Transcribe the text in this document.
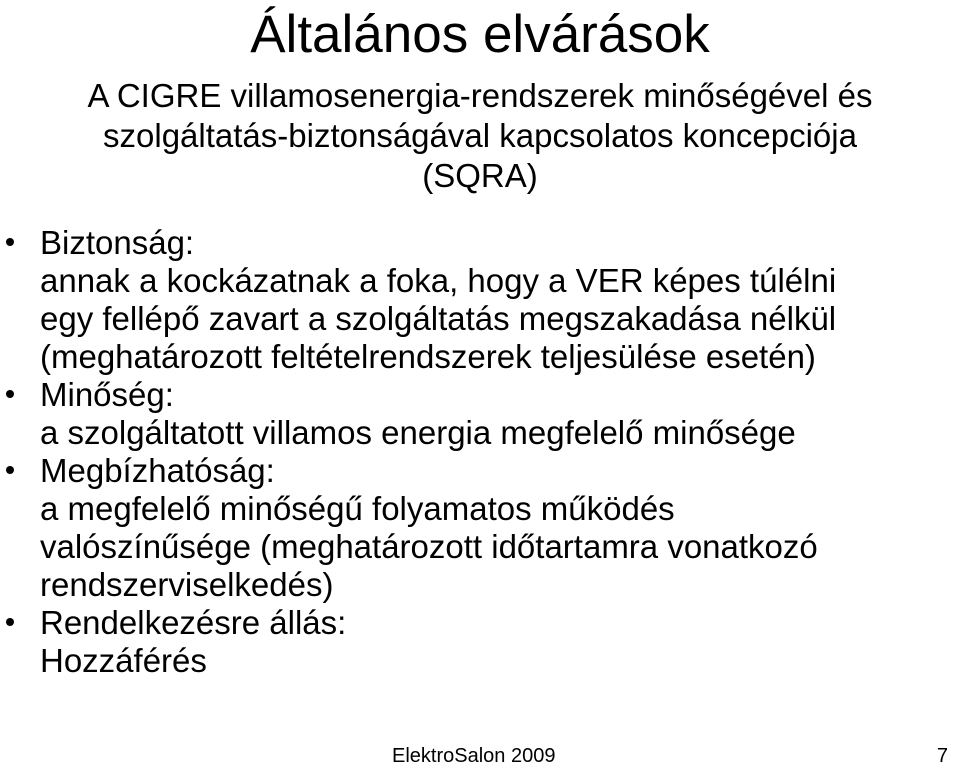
Általános elvárások
A CIGRE villamosenergia-rendszerek minőségével és
szolgáltatás-biztonságával kapcsolatos koncepciója
(SQRA)
Biztonság:
annak a kockázatnak a foka, hogy a VER képes túlélni
egy fellépő zavart a szolgáltatás megszakadása nélkül
(meghatározott feltételrendszerek teljesülése esetén)
Minőség:
a szolgáltatott villamos energia megfelelő minősége
Megbízhatóság:
a megfelelő minőségű folyamatos működés
valószínűsége (meghatározott időtartamra vonatkozó
rendszerviselkedés)
Rendelkezésre állás:
Hozzáférés
ElektroSalon 2009	7
